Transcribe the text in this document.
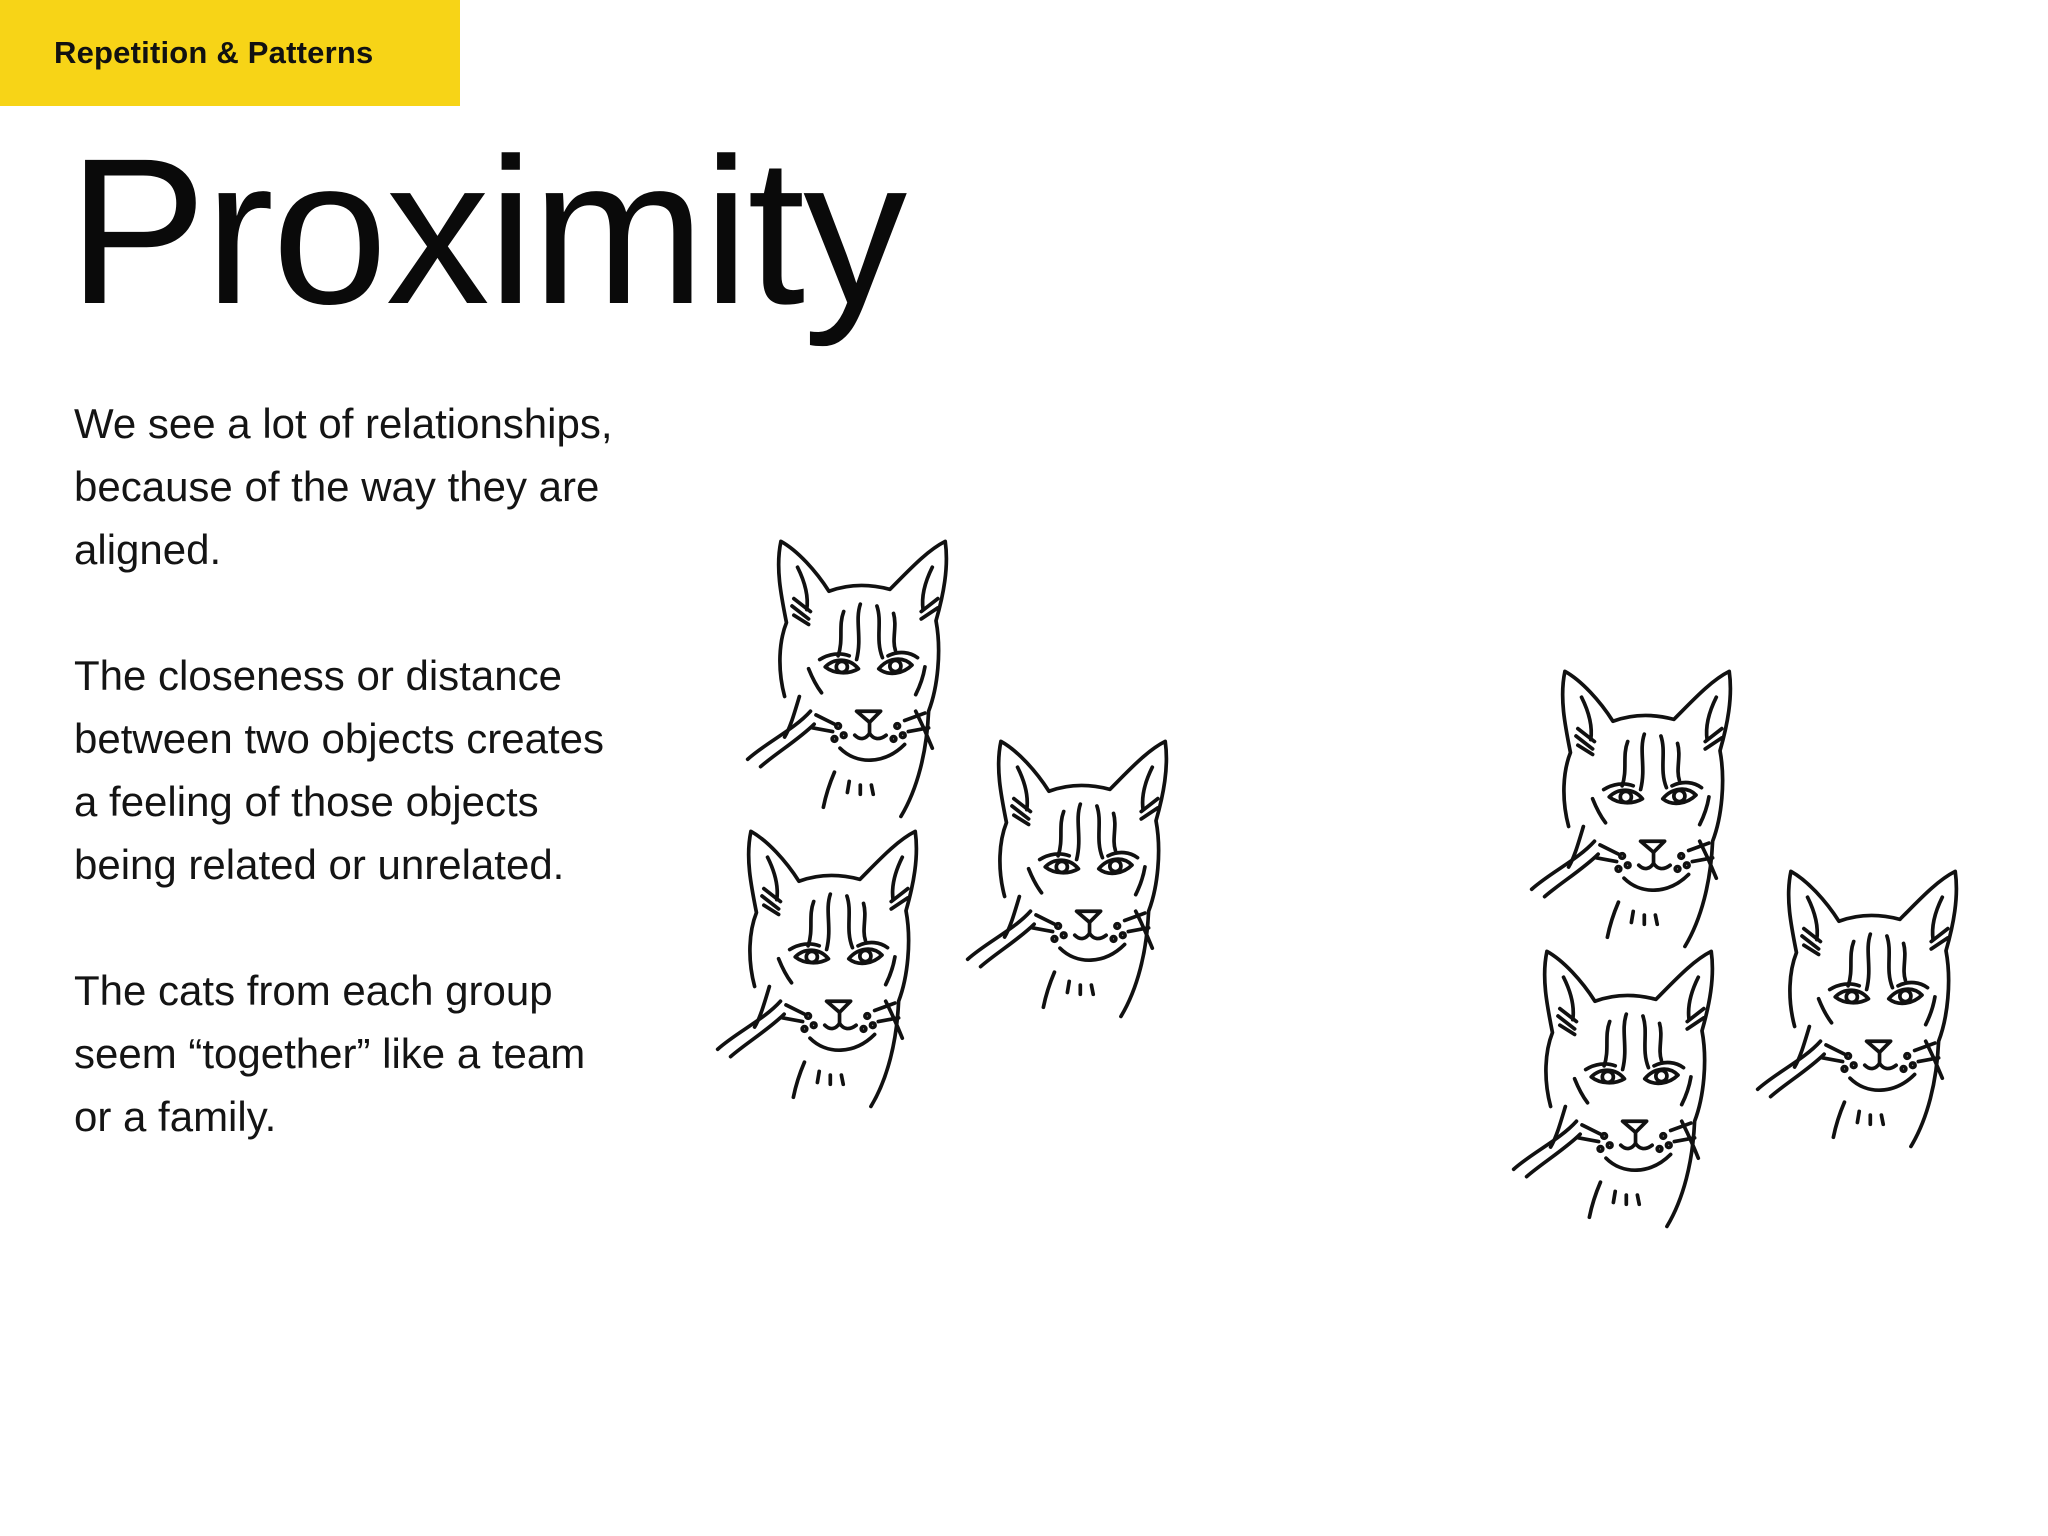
Repetition & Patterns
Proximity

We see a lot of relationships, because of the way they are aligned.

The closeness or distance between two objects creates a feeling of those objects being related or unrelated.

The cats from each group seem “together” like a team or a family.
